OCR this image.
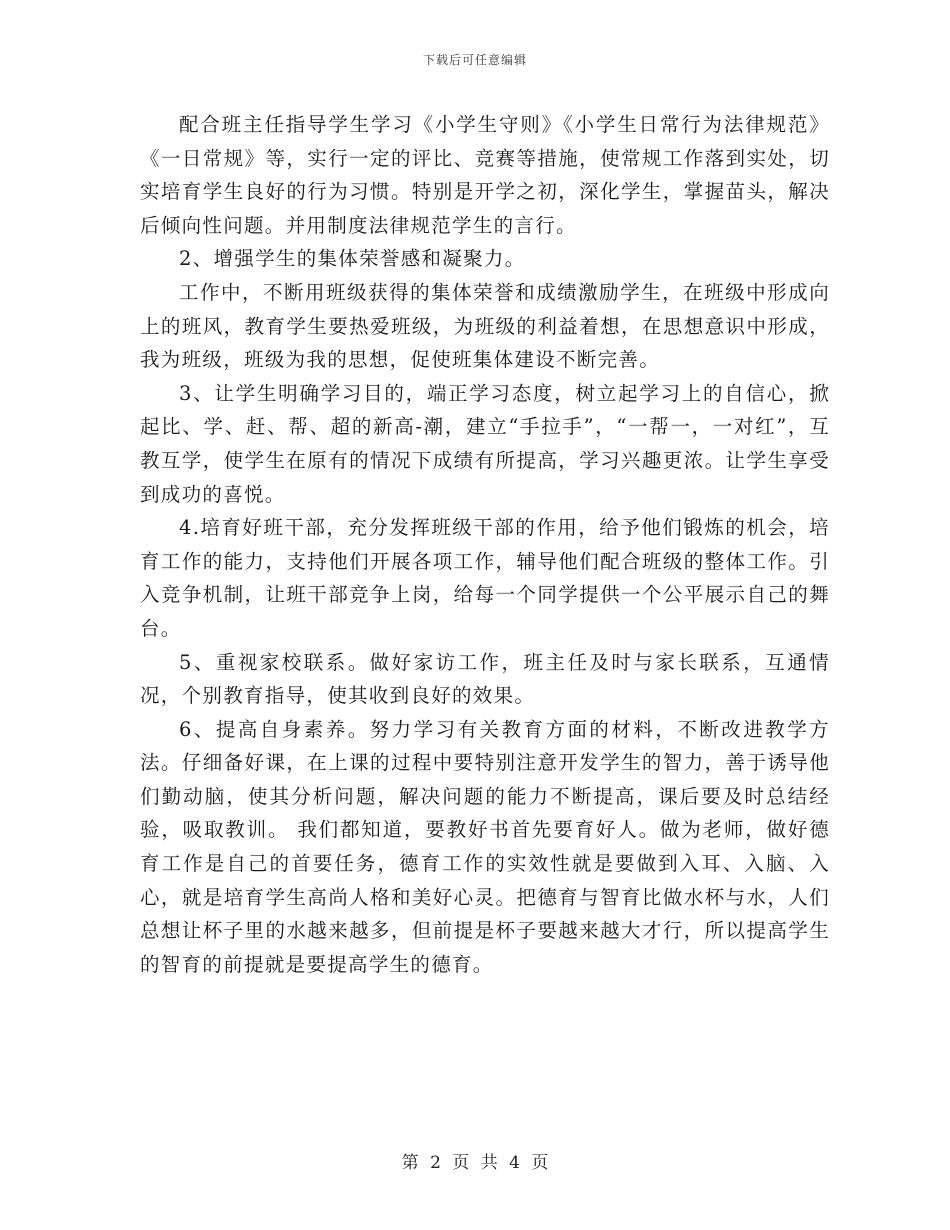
下载后可任意编辑

配合班主任指导学生学习《小学生守则》《小学生日常行为法律规范》《一日常规》等，实行一定的评比、竞赛等措施，使常规工作落到实处，切实培育学生良好的行为习惯。特别是开学之初，深化学生，掌握苗头，解决后倾向性问题。并用制度法律规范学生的言行。

2、增强学生的集体荣誉感和凝聚力。

工作中，不断用班级获得的集体荣誉和成绩激励学生，在班级中形成向上的班风，教育学生要热爱班级，为班级的利益着想，在思想意识中形成，我为班级，班级为我的思想，促使班集体建设不断完善。

3、让学生明确学习目的，端正学习态度，树立起学习上的自信心，掀起比、学、赶、帮、超的新高-潮，建立“手拉手”，“一帮一，一对红”，互教互学，使学生在原有的情况下成绩有所提高，学习兴趣更浓。让学生享受到成功的喜悦。

4.培育好班干部，充分发挥班级干部的作用，给予他们锻炼的机会，培育工作的能力，支持他们开展各项工作，辅导他们配合班级的整体工作。引入竞争机制，让班干部竞争上岗，给每一个同学提供一个公平展示自己的舞台。

5、重视家校联系。做好家访工作，班主任及时与家长联系，互通情况，个别教育指导，使其收到良好的效果。

6、提高自身素养。努力学习有关教育方面的材料，不断改进教学方法。仔细备好课，在上课的过程中要特别注意开发学生的智力，善于诱导他们勤动脑，使其分析问题，解决问题的能力不断提高，课后要及时总结经验，吸取教训。 我们都知道，要教好书首先要育好人。做为老师，做好德育工作是自己的首要任务，德育工作的实效性就是要做到入耳、入脑、入心，就是培育学生高尚人格和美好心灵。把德育与智育比做水杯与水，人们总想让杯子里的水越来越多，但前提是杯子要越来越大才行，所以提高学生的智育的前提就是要提高学生的德育。

第 2 页 共 4 页
